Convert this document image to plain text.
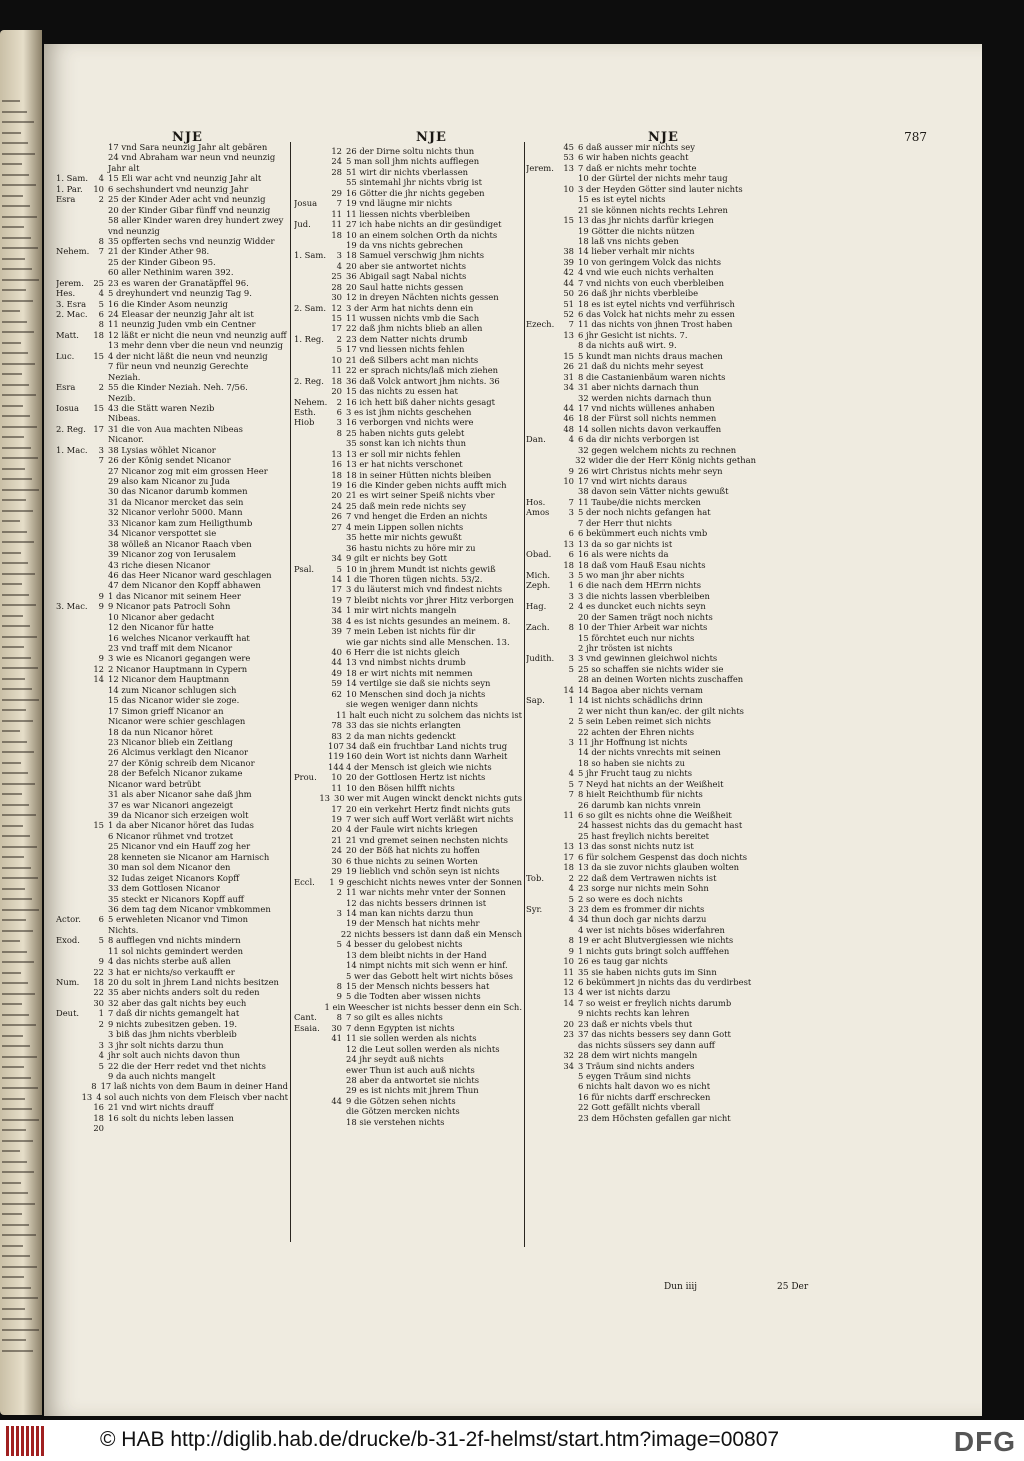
787
NJE	NJE	NJE
17 vnd Sara neunzig Jahr alt gebären
24 vnd Abraham war neun vnd neunzig
Jahr alt
1. Sam.	4 15 Eli war acht vnd neunzig Jahr alt
1. Par.	10 6 sechshundert vnd neunzig Jahr
Esra	2 25 der Kinder Ader acht vnd neunzig
20 der Kinder Gibar fünff vnd neunzig
58 aller Kinder waren drey hundert zwey
vnd neunzig
8 35 opfferten sechs vnd neunzig Widder
Nehem.	7 21 der Kinder Ather 98.
25 der Kinder Gibeon 95.
60 aller Nethinim waren 392.
Jerem.	25 23 es waren der Granatäpffel 96.
Hes.	4 5 dreyhundert vnd neunzig Tag 9.
3. Esra	5 16 die Kinder Asom neunzig
2. Mac.	6 24 Eleasar der neunzig Jahr alt ist
8 11 neunzig Juden vmb ein Centner
Matt.	18 12 läßt er nicht die neun vnd neunzig auff
13 mehr denn vber die neun vnd neunzig
Luc.	15 4 der nicht läßt die neun vnd neunzig
7 für neun vnd neunzig Gerechte
Neziah.
Esra	2 55 die Kinder Neziah. Neh. 7/56.
Nezib.
Iosua	15 43 die Stätt waren Nezib
Nibeas.
2. Reg. 17 31 die von Aua machten Nibeas
Nicanor.
1. Mac.	3 38 Lysias wöhlet Nicanor
7 26 der König sendet Nicanor
27 Nicanor zog mit eim grossen Heer
29 also kam Nicanor zu Juda
30 das Nicanor darumb kommen
31 da Nicanor mercket das sein
32 Nicanor verlohr 5000. Mann
33 Nicanor kam zum Heiligthumb
34 Nicanor verspottet sie
38 wölleß an Nicanor Raach vben
39 Nicanor zog von Ierusalem
43 riche diesen Nicanor
46 das Heer Nicanor ward geschlagen
47 dem Nicanor den Kopff abhawen
9 1 das Nicanor mit seinem Heer
3. Mac.	9 9 Nicanor pats Patrocli Sohn
10 Nicanor aber gedacht
12 den Nicanor für hatte
16 welches Nicanor verkaufft hat
23 vnd traff mit dem Nicanor
9 3 wie es Nicanori gegangen were
12 2 Nicanor Hauptmann in Cypern
14 12 Nicanor dem Hauptmann
14 zum Nicanor schlugen sich
15 das Nicanor wider sie zoge.
17 Simon grieff Nicanor an
Nicanor were schier geschlagen
18 da nun Nicanor höret
23 Nicanor blieb ein Zeitlang
26 Alcimus verklagt den Nicanor
27 der König schreib dem Nicanor
28 der Befelch Nicanor zukame
Nicanor ward betrübt
31 als aber Nicanor sahe daß jhm
37 es war Nicanori angezeigt
39 da Nicanor sich erzeigen wolt
15 1 da aber Nicanor höret das Iudas
6 Nicanor rühmet vnd trotzet
25 Nicanor vnd ein Hauff zog her
28 kenneten sie Nicanor am Harnisch
30 man sol dem Nicanor den
32 Iudas zeiget Nicanors Kopff
33 dem Gottlosen Nicanor
35 steckt er Nicanors Kopff auff
36 dem tag dem Nicanor vmbkommen
Actor.	6 5 erwehleten Nicanor vnd Timon
Nichts.
Exod.	5 8 aufflegen vnd nichts mindern
11 sol nichts gemindert werden
9 4 das nichts sterbe auß allen
22 3 hat er nichts/so verkaufft er
Num.	18 20 du solt in jhrem Land nichts besitzen
22 35 aber nichts anders solt du reden
30 32 aber das galt nichts bey euch
Deut.	1 7 daß dir nichts gemangelt hat
2 9 nichts zubesitzen geben. 19.
3 biß das jhm nichts vberbleib
3 3 jhr solt nichts darzu thun
4 jhr solt auch nichts davon thun
5 22 die der Herr redet vnd thet nichts
9 da auch nichts mangelt
8 17 laß nichts von dem Baum in deiner Hand
13 4 sol auch nichts von dem Fleisch vber nacht
16 21 vnd wirt nichts drauff
18 16 solt du nichts leben lassen
20
12 26 der Dirne soltu nichts thun
24 5 man soll jhm nichts aufflegen
28 51 wirt dir nichts vberlassen
55 sintemahl jhr nichts vbrig ist
29 16 Götter die jhr nichts gegeben
Josua	7 19 vnd läugne mir nichts
11 11 liessen nichts vberbleiben
Jud.	11 27 ich habe nichts an dir gesündiget
18 10 an einem solchen Orth da nichts
19 da vns nichts gebrechen
1. Sam.	3 18 Samuel verschwig jhm nichts
4 20 aber sie antwortet nichts
25 36 Abigail sagt Nabal nichts
28 20 Saul hatte nichts gessen
30 12 in dreyen Nächten nichts gessen
2. Sam. 12 3 der Arm hat nichts denn ein
15 11 wussen nichts vmb die Sach
17 22 daß jhm nichts blieb an allen
1. Reg.	2 23 dem Natter nichts drumb
5 17 vnd liessen nichts fehlen
10 21 deß Silbers acht man nichts
11 22 er sprach nichts/laß mich ziehen
2. Reg. 18 36 daß Volck antwort jhm nichts. 36
20 15 das nichts zu essen hat
Nehem.	2 16 ich hett biß daher nichts gesagt
Esth.	6 3 es ist jhm nichts geschehen
Hiob	3 16 verborgen vnd nichts were
8 25 haben nichts guts gelebt
35 sonst kan ich nichts thun
13 13 er soll mir nichts fehlen
16 13 er hat nichts verschonet
18 18 in seiner Hütten nichts bleiben
19 16 die Kinder geben nichts aufft mich
20 21 es wirt seiner Speiß nichts vber
24 25 daß mein rede nichts sey
26 7 vnd henget die Erden an nichts
27 4 mein Lippen sollen nichts
35 hette mir nichts gewußt
36 hastu nichts zu höre mir zu
34 9 gilt er nichts bey Gott
Psal.	5 10 in jhrem Mundt ist nichts gewiß
14 1 die Thoren tügen nichts. 53/2.
17 3 du läuterst mich vnd findest nichts
19 7 bleibt nichts vor jhrer Hitz verborgen
34 1 mir wirt nichts mangeln
38 4 es ist nichts gesundes an meinem. 8.
39 7 mein Leben ist nichts für dir
wie gar nichts sind alle Menschen. 13.
40 6 Herr die ist nichts gleich
44 13 vnd nimbst nichts drumb
49 18 er wirt nichts mit nemmen
59 14 vertilge sie daß sie nichts seyn
62 10 Menschen sind doch ja nichts
sie wegen weniger dann nichts
11 halt euch nicht zu solchem das nichts ist
78 33 das sie nichts erlangten
83 2 da man nichts gedenckt
107 34 daß ein fruchtbar Land nichts trug
119 160 dein Wort ist nichts dann Warheit
144 4 der Mensch ist gleich wie nichts
Prou.	10 20 der Gottlosen Hertz ist nichts
11 10 den Bösen hilfft nichts
13 30 wer mit Augen winckt denckt nichts guts
17 20 ein verkehrt Hertz findt nichts guts
19 7 wer sich auff Wort verläßt wirt nichts
20 4 der Faule wirt nichts kriegen
21 21 vnd gremet seinen nechsten nichts
24 20 der Böß hat nichts zu hoffen
30 6 thue nichts zu seinen Worten
29 19 lieblich vnd schön seyn ist nichts
Eccl.	1 9 geschicht nichts newes vnter der Sonnen
2 11 war nichts mehr vnter der Sonnen
12 das nichts bessers drinnen ist
3 14 man kan nichts darzu thun
19 der Mensch hat nichts mehr
22 nichts bessers ist dann daß ein Mensch
5 4 besser du gelobest nichts
13 dem bleibt nichts in der Hand
14 nimpt nichts mit sich wenn er hinf.
5 wer das Gebott helt wirt nichts böses
8 15 der Mensch nichts bessers hat
9 5 die Todten aber wissen nichts
1 ein Weescher ist nichts besser denn ein Sch.
Cant.	8 7 so gilt es alles nichts
Esaia.	30 7 denn Egypten ist nichts
41 11 sie sollen werden als nichts
12 die Leut sollen werden als nichts
24 jhr seydt auß nichts
ewer Thun ist auch auß nichts
28 aber da antwortet sie nichts
29 es ist nichts mit jhrem Thun
44 9 die Götzen sehen nichts
die Götzen mercken nichts
18 sie verstehen nichts
45 6 daß ausser mir nichts sey
53 6 wir haben nichts geacht
Jerem.	13 7 daß er nichts mehr tochte
10 der Gürtel der nichts mehr taug
10 3 der Heyden Götter sind lauter nichts
15 es ist eytel nichts
21 sie können nichts rechts Lehren
15 13 das jhr nichts darfür kriegen
19 Götter die nichts nützen
18 laß vns nichts geben
38 14 lieber verhalt mir nichts
39 10 von geringem Volck das nichts
42 4 vnd wie euch nichts verhalten
44 7 vnd nichts von euch vberbleiben
50 26 daß jhr nichts vberbleibe
51 18 es ist eytel nichts vnd verführisch
52 6 das Volck hat nichts mehr zu essen
Ezech.	7 11 das nichts von jhnen Trost haben
13 6 jhr Gesicht ist nichts. 7.
8 da nichts auß wirt. 9.
15 5 kundt man nichts draus machen
26 21 daß du nichts mehr seyest
31 8 die Castanienbäum waren nichts
34 31 aber nichts darnach thun
32 werden nichts darnach thun
44 17 vnd nichts wüllenes anhaben
46 18 der Fürst soll nichts nemmen
48 14 sollen nichts davon verkauffen
Dan.	4 6 da dir nichts verborgen ist
32 gegen welchem nichts zu rechnen
32 wider die der Herr König nichts gethan
9 26 wirt Christus nichts mehr seyn
10 17 vnd wirt nichts daraus
38 davon sein Vätter nichts gewußt
Hos.	7 11 Taube/die nichts mercken
Amos	3 5 der noch nichts gefangen hat
7 der Herr thut nichts
6 6 bekümmert euch nichts vmb
13 13 da so gar nichts ist
Obad.	6 16 als were nichts da
18 18 daß vom Hauß Esau nichts
Mich.	3 5 wo man jhr aber nichts
Zeph.	1 6 die nach dem HErrn nichts
3 3 die nichts lassen vberbleiben
Hag.	2 4 es duncket euch nichts seyn
20 der Samen trägt noch nichts
Zach.	8 10 der Thier Arbeit war nichts
15 förchtet euch nur nichts
2 jhr trösten ist nichts
Judith.	3 3 vnd gewinnen gleichwol nichts
5 25 so schaffen sie nichts wider sie
28 an deinen Worten nichts zuschaffen
14 14 Bagoa aber nichts vernam
Sap.	1 14 ist nichts schädlichs drinn
2 wer nicht thun kan/ec. der gilt nichts
2 5 sein Leben reimet sich nichts
22 achten der Ehren nichts
3 11 jhr Hoffnung ist nichts
14 der nichts vnrechts mit seinen
18 so haben sie nichts zu
4 5 jhr Frucht taug zu nichts
5 7 Neyd hat nichts an der Weißheit
7 8 hielt Reichthumb für nichts
26 darumb kan nichts vnrein
11 6 so gilt es nichts ohne die Weißheit
24 hassest nichts das du gemacht hast
25 hast freylich nichts bereitet
13 13 das sonst nichts nutz ist
17 6 für solchem Gespenst das doch nichts
18 13 da sie zuvor nichts glauben wolten
Tob.	2 22 daß dem Vertrawen nichts ist
4 23 sorge nur nichts mein Sohn
5 2 so were es doch nichts
Syr.	3 23 dem es frommer dir nichts
4 34 thun doch gar nichts darzu
4 wer ist nichts böses widerfahren
8 19 er acht Blutvergiessen wie nichts
9 1 nichts guts bringt solch aufffehen
10 26 es taug gar nichts
11 35 sie haben nichts guts im Sinn
12 6 bekümmert jn nichts das du verdirbest
13 4 wer ist nichts darzu
14 7 so weist er freylich nichts darumb
9 nichts rechts kan lehren
20 23 daß er nichts vbels thut
23 37 das nichts bessers sey dann Gott
das nichts süssers sey dann auff
32 28 dem wirt nichts mangeln
34 3 Träum sind nichts anders
5 eygen Träum sind nichts
6 nichts halt davon wo es nicht
16 für nichts darff erschrecken
22 Gott gefällt nichts vberall
23 dem Höchsten gefallen gar nicht
Dun iiij	25 Der
© HAB http://diglib.hab.de/drucke/b-31-2f-helmst/start.htm?image=00807	DFG
